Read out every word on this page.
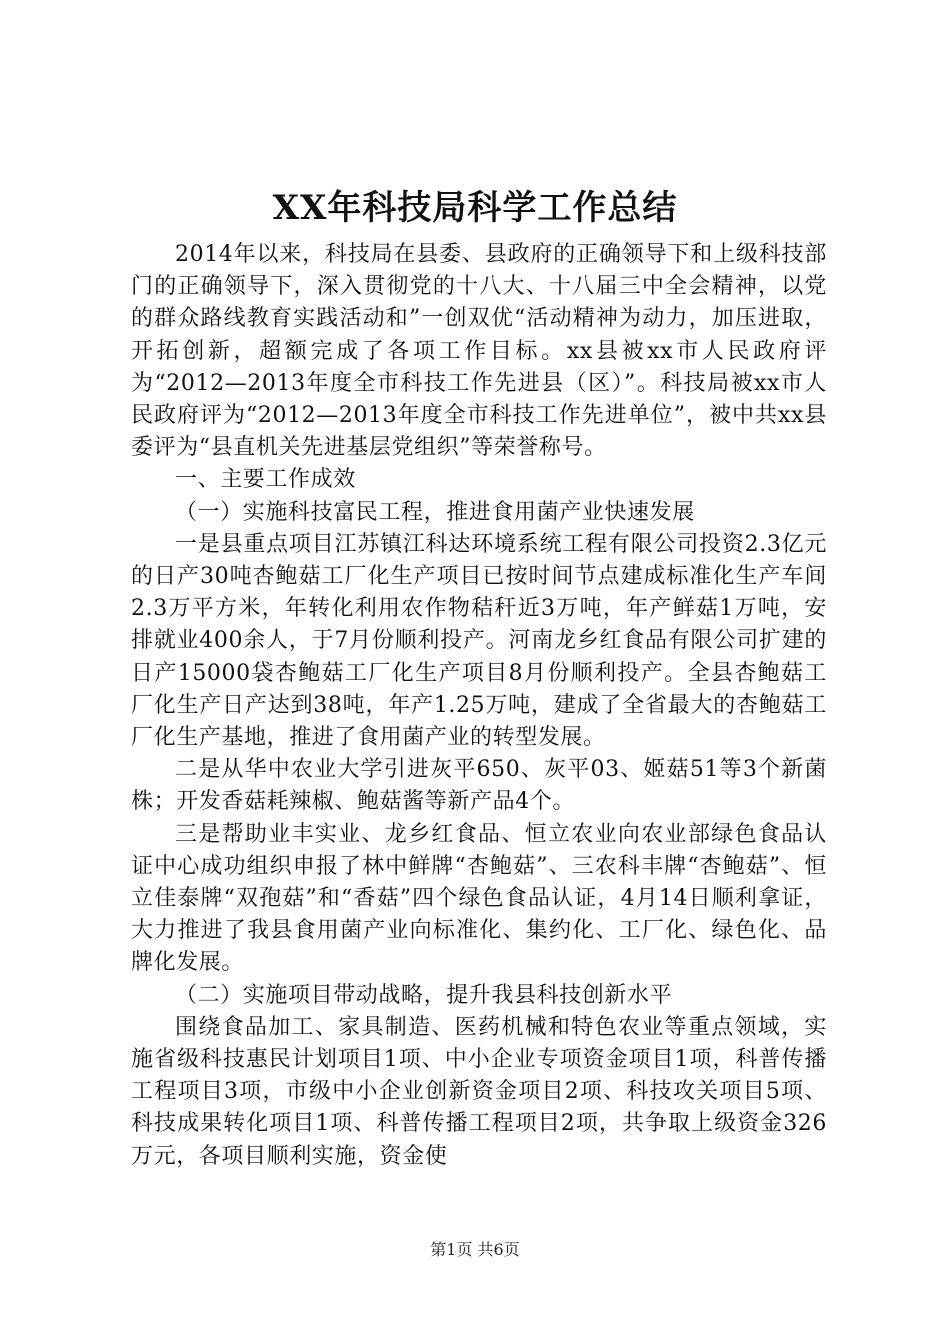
XX年科技局科学工作总结

2014年以来，科技局在县委、县政府的正确领导下和上级科技部门的正确领导下，深入贯彻党的十八大、十八届三中全会精神，以党的群众路线教育实践活动和”一创双优“活动精神为动力，加压进取，开拓创新，超额完成了各项工作目标。xx县被xx市人民政府评为“2012—2013年度全市科技工作先进县（区）”。科技局被xx市人民政府评为“2012—2013年度全市科技工作先进单位”，被中共xx县委评为“县直机关先进基层党组织”等荣誉称号。

一、主要工作成效

（一）实施科技富民工程，推进食用菌产业快速发展

一是县重点项目江苏镇江科达环境系统工程有限公司投资2.3亿元的日产30吨杏鲍菇工厂化生产项目已按时间节点建成标准化生产车间2.3万平方米，年转化利用农作物秸秆近3万吨，年产鲜菇1万吨，安排就业400余人，于7月份顺利投产。河南龙乡红食品有限公司扩建的日产15000袋杏鲍菇工厂化生产项目8月份顺利投产。全县杏鲍菇工厂化生产日产达到38吨，年产1.25万吨，建成了全省最大的杏鲍菇工厂化生产基地，推进了食用菌产业的转型发展。

二是从华中农业大学引进灰平650、灰平03、姬菇51等3个新菌株；开发香菇耗辣椒、鲍菇酱等新产品4个。

三是帮助业丰实业、龙乡红食品、恒立农业向农业部绿色食品认证中心成功组织申报了林中鲜牌“杏鲍菇”、三农科丰牌“杏鲍菇”、恒立佳泰牌“双孢菇”和“香菇”四个绿色食品认证，4月14日顺利拿证，大力推进了我县食用菌产业向标准化、集约化、工厂化、绿色化、品牌化发展。

（二）实施项目带动战略，提升我县科技创新水平

围绕食品加工、家具制造、医药机械和特色农业等重点领域，实施省级科技惠民计划项目1项、中小企业专项资金项目1项，科普传播工程项目3项，市级中小企业创新资金项目2项、科技攻关项目5项、科技成果转化项目1项、科普传播工程项目2项，共争取上级资金326万元，各项目顺利实施，资金使

第1页 共6页
